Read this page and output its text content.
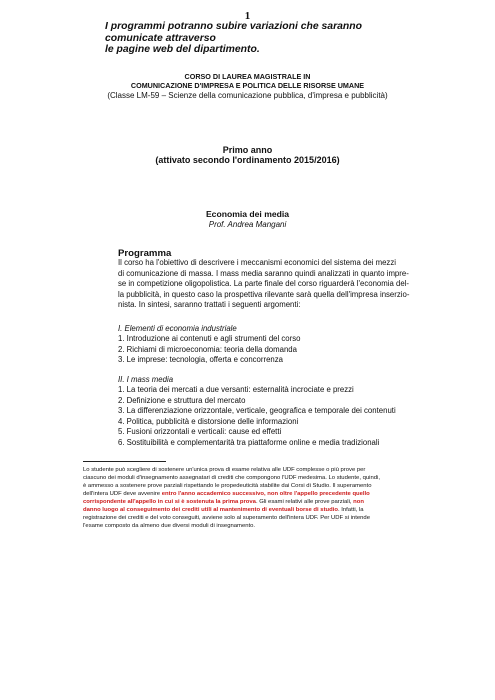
1
I programmi potranno subire variazioni che saranno comunicate attraverso
le pagine web del dipartimento.
CORSO DI LAUREA MAGISTRALE IN
COMUNICAZIONE D'IMPRESA E POLITICA DELLE RISORSE UMANE
(Classe LM-59 – Scienze della comunicazione pubblica, d'impresa e pubblicità)
Primo anno
(attivato secondo l'ordinamento 2015/2016)
Economia dei media
Prof. Andrea Mangani
Programma
Il corso ha l'obiettivo di descrivere i meccanismi economici del sistema dei mezzi
di comunicazione di massa. I mass media saranno quindi analizzati in quanto impre-
se in competizione oligopolistica. La parte finale del corso riguarderà l'economia del-
la pubblicità, in questo caso la prospettiva rilevante sarà quella dell'impresa inserzio-
nista. In sintesi, saranno trattati i seguenti argomenti:
I. Elementi di economia industriale
1. Introduzione ai contenuti e agli strumenti del corso
2. Richiami di microeconomia: teoria della domanda
3. Le imprese: tecnologia, offerta e concorrenza
II. I mass media
1. La teoria dei mercati a due versanti: esternalità incrociate e prezzi
2. Definizione e struttura del mercato
3. La differenziazione orizzontale, verticale, geografica e temporale dei contenuti
4. Politica, pubblicità e distorsione delle informazioni
5. Fusioni orizzontali e verticali: cause ed effetti
6. Sostituibilità e complementarità tra piattaforme online e media tradizionali
Lo studente può scegliere di sostenere un'unica prova di esame relativa alle UDF complesse o più prove per
ciascuno dei moduli d'insegnamento assegnatari di crediti che compongono l'UDF medesima. Lo studente, quindi,
è ammesso a sostenere prove parziali rispettando le propedeuticità stabilite dai Corsi di Studio. Il superamento
dell'intera UDF deve avvenire entro l'anno accademico successivo, non oltre l'appello precedente quello
corrispondente all'appello in cui si è sostenuta la prima prova. Gli esami relativi alle prove parziali, non
danno luogo al conseguimento dei crediti utili al mantenimento di eventuali borse di studio. Infatti, la
registrazione dei crediti e del voto conseguiti, avviene solo al superamento dell'intera UDF. Per UDF si intende
l'esame composto da almeno due diversi moduli di insegnamento.
